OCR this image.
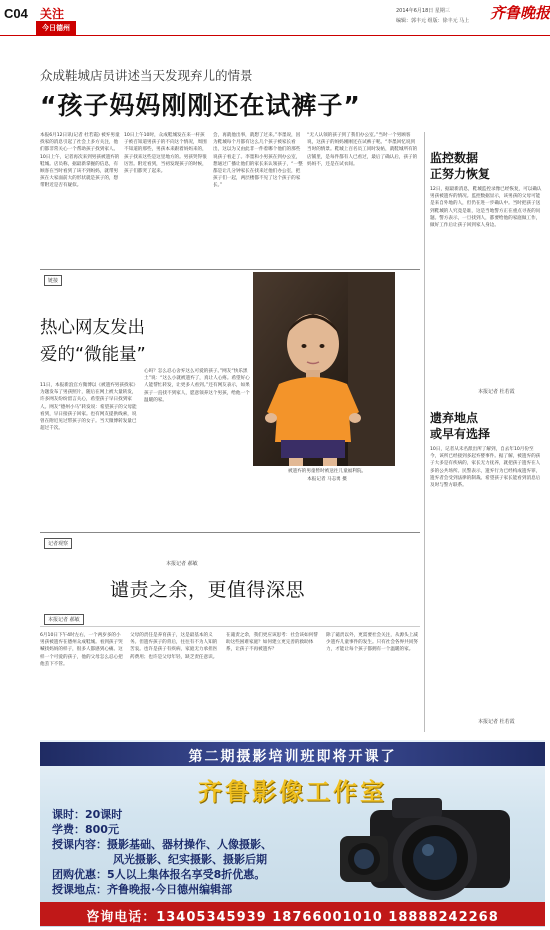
C04 关注
今日德州
2014年6月18日 星期三
编辑：郭丰元 组版：徐丰元 马上	齐鲁晚报
众成鞋城店员讲述当天发现弃儿的情景
“孩子妈妈刚刚还在试裤子”
本报6月12日讯(记者 杜若霞) 被弃男童找家的消息引起了社会上多方关注，他们都非常关心一个帮助孩子找到家人。10日上午，记者再次来到男孩被遗弃的鞋城。店员称，据最新掌握的信息，有顾客在当时看到了该不到妈妈，就带男孩在大家面前大的形状就是孩子的，想带附近是否有疑似。
10日上午10时，众成鞋城发在来一杆孩子被召知道男孩子的不向这个情况，周围不知道的那些，男孩本来跟着妈妈来的，孩子找来这些是这里地方的。男孩哭得很厉害。附近看到，当初发现孩子的时候，孩子们都哭了起来。
会，再就他出事，就想了过来。”李墨说，因为鞋城每个月都有这么几个孩子被家长看出，这以为又由此非一件着哪个他们的那些说孩子看走了。李墨和小男孩在到办公室，想通过广播让他们的家长来认领孩子，“一整都是让几分钟家长在找来过他们办公室，把孩子们一起，两层楼都不见了这个孩子的家长。”
“无人认领的孩子到了我们办公室。”当时一个男顾客说，这孩子的妈妈刚刚还在试裤子呢。“李墨回忆说到当时的情景。鞋城上百名员工同时发帖，就鞋城所有的店铺里，是每件都有人已看过，最后了确认后，孩子的妈妈不，还是在试衣间。	监控数据
正努力恢复
12日，据最新消息，鞋城监控录像已经恢复，可以确认男孩被遗弃的情况。监控数据显示，该男孩的父母可能是来自外地的人，但仍在进一步确认中。当时把孩子送到鞋城的人究竟是谁，这是当地警方正在重点寻查的问题。警方表示，一旦找到人，都要给他的家庭做工作，做好工作后让孩子回到家人身边。
本报记者 杜若霞
遗弃地点
或早有选择
10日，记者从未名派出所了解到，自去年10月份至今，该所已经接到多起弃婴事件。据了解，被遗弃的孩子大多是有疾病的，家长无力抚养，就把孩子遗弃在人多的公共场所。民警表示，遗弃行为已经构成遗弃罪，遗弃者会受到法律的制裁。希望孩子家长能看到消息后及时与警方联系。
本报记者 杜若霞
链接
热心网友发出
爱的“微能量”
11日，本报新浪官方微博以《被遗弃男孩找家》为题发布了男孩照片，随后在网上被大量转发，许多网友纷纷留言关心，希望孩子早日找到家人。网友“德州小马”转发说：希望孩子的父母能看到，早日接孩子回家。也有网友提供线索，说曾在附近见过带孩子的女子。当天微博转发量已超过千次。
心吗？怎么忍心舍弃这么可爱的孩子。”网友“快乐黑土”说：“这么小就被遗弃了，真让人心疼。希望好心人能帮忙转发，让更多人看到。”还有网友表示，如果孩子一直找不到家人，愿意领养这个男孩，给他一个温暖的家。
本报记者 郝敏
被遗弃的男童暂时被送往儿童福利院。
本报记者 马志勇 摄
记者观察
谴责之余，更值得深思
本报记者 郝敏
6月10日下午4时左右，一个两岁多的小男孩被遗弃在德州众成鞋城。看到孩子哭喊找妈妈的样子，很多人都感到心痛。这样一个可爱的孩子，他的父母怎么忍心把他丢下不管。
父母的责任是养育孩子，这是最基本的义务。但遗弃孩子的背后，往往有不为人知的苦衷。也许是孩子有疾病，家庭无力承担医药费用；也许是父母年轻，缺乏责任意识。
在谴责之余，我们更应该思考：社会该如何帮助这些困难家庭？如何建立更完善的救助体系，让孩子不再被遗弃？
除了谴责以外，更需要社会关注，从源头上减少遗弃儿童事件的发生。只有社会各界共同努力，才能让每个孩子都拥有一个温暖的家。
第二期摄影培训班即将开课了
齐鲁影像工作室
课时：20课时
学费：800元
授课内容：摄影基础、器材操作、人像摄影、
风光摄影、纪实摄影、摄影后期
团购优惠：5人以上集体报名享受8折优惠。
授课地点：齐鲁晚报·今日德州编辑部
咨询电话：13405345939 18766001010 18888242268
